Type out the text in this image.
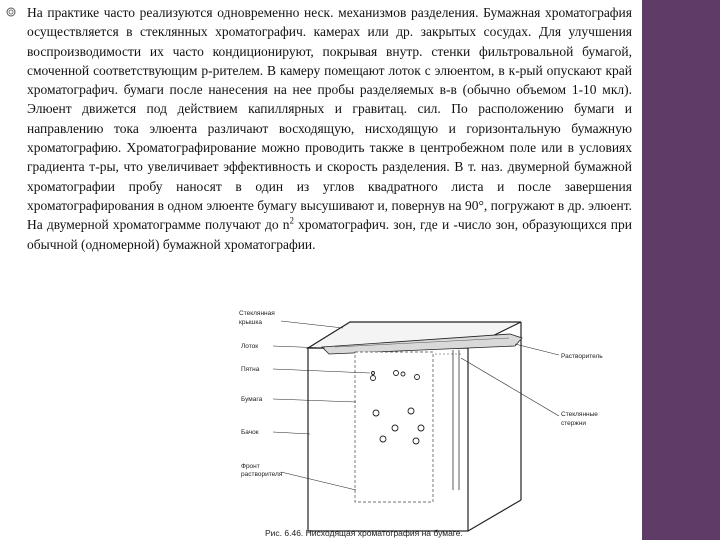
На практике часто реализуются одновременно неск. механизмов разделения. Бумажная хроматография осуществляется в стеклянных хроматографич. камерах или др. закрытых сосудах. Для улучшения воспроизводимости их часто кондиционируют, покрывая внутр. стенки фильтровальной бумагой, смоченной соответствующим р-рителем. В камеру помещают лоток с элюентом, в к-рый опускают край хроматографич. бумаги после нанесения на нее пробы разделяемых в-в (обычно объемом 1-10 мкл). Элюент движется под действием капиллярных и гравитац. сил. По расположению бумаги и направлению тока элюента различают восходящую, нисходящую и горизонтальную бумажную хроматографию. Хроматографирование можно проводить также в центробежном поле или в условиях градиента т-ры, что увеличивает эффективность и скорость разделения. В т. наз. двумерной бумажной хроматографии пробу наносят в один из углов квадратного листа и после завершения хроматографирования в одном элюенте бумагу высушивают и, повернув на 90°, погружают в др. элюент. На двумерной хроматограмме получают до $n^2$ хроматографич. зон, где и -число зон, образующихся при обычной (одномерной) бумажной хроматографии.

Стеклянная
крышка
Лоток
Пятна
Бумага
Бачок
Фронт
растворителя
Растворитель
Стеклянные
стержни
Рис. 6.46. Нисходящая хроматография на бумаге.
